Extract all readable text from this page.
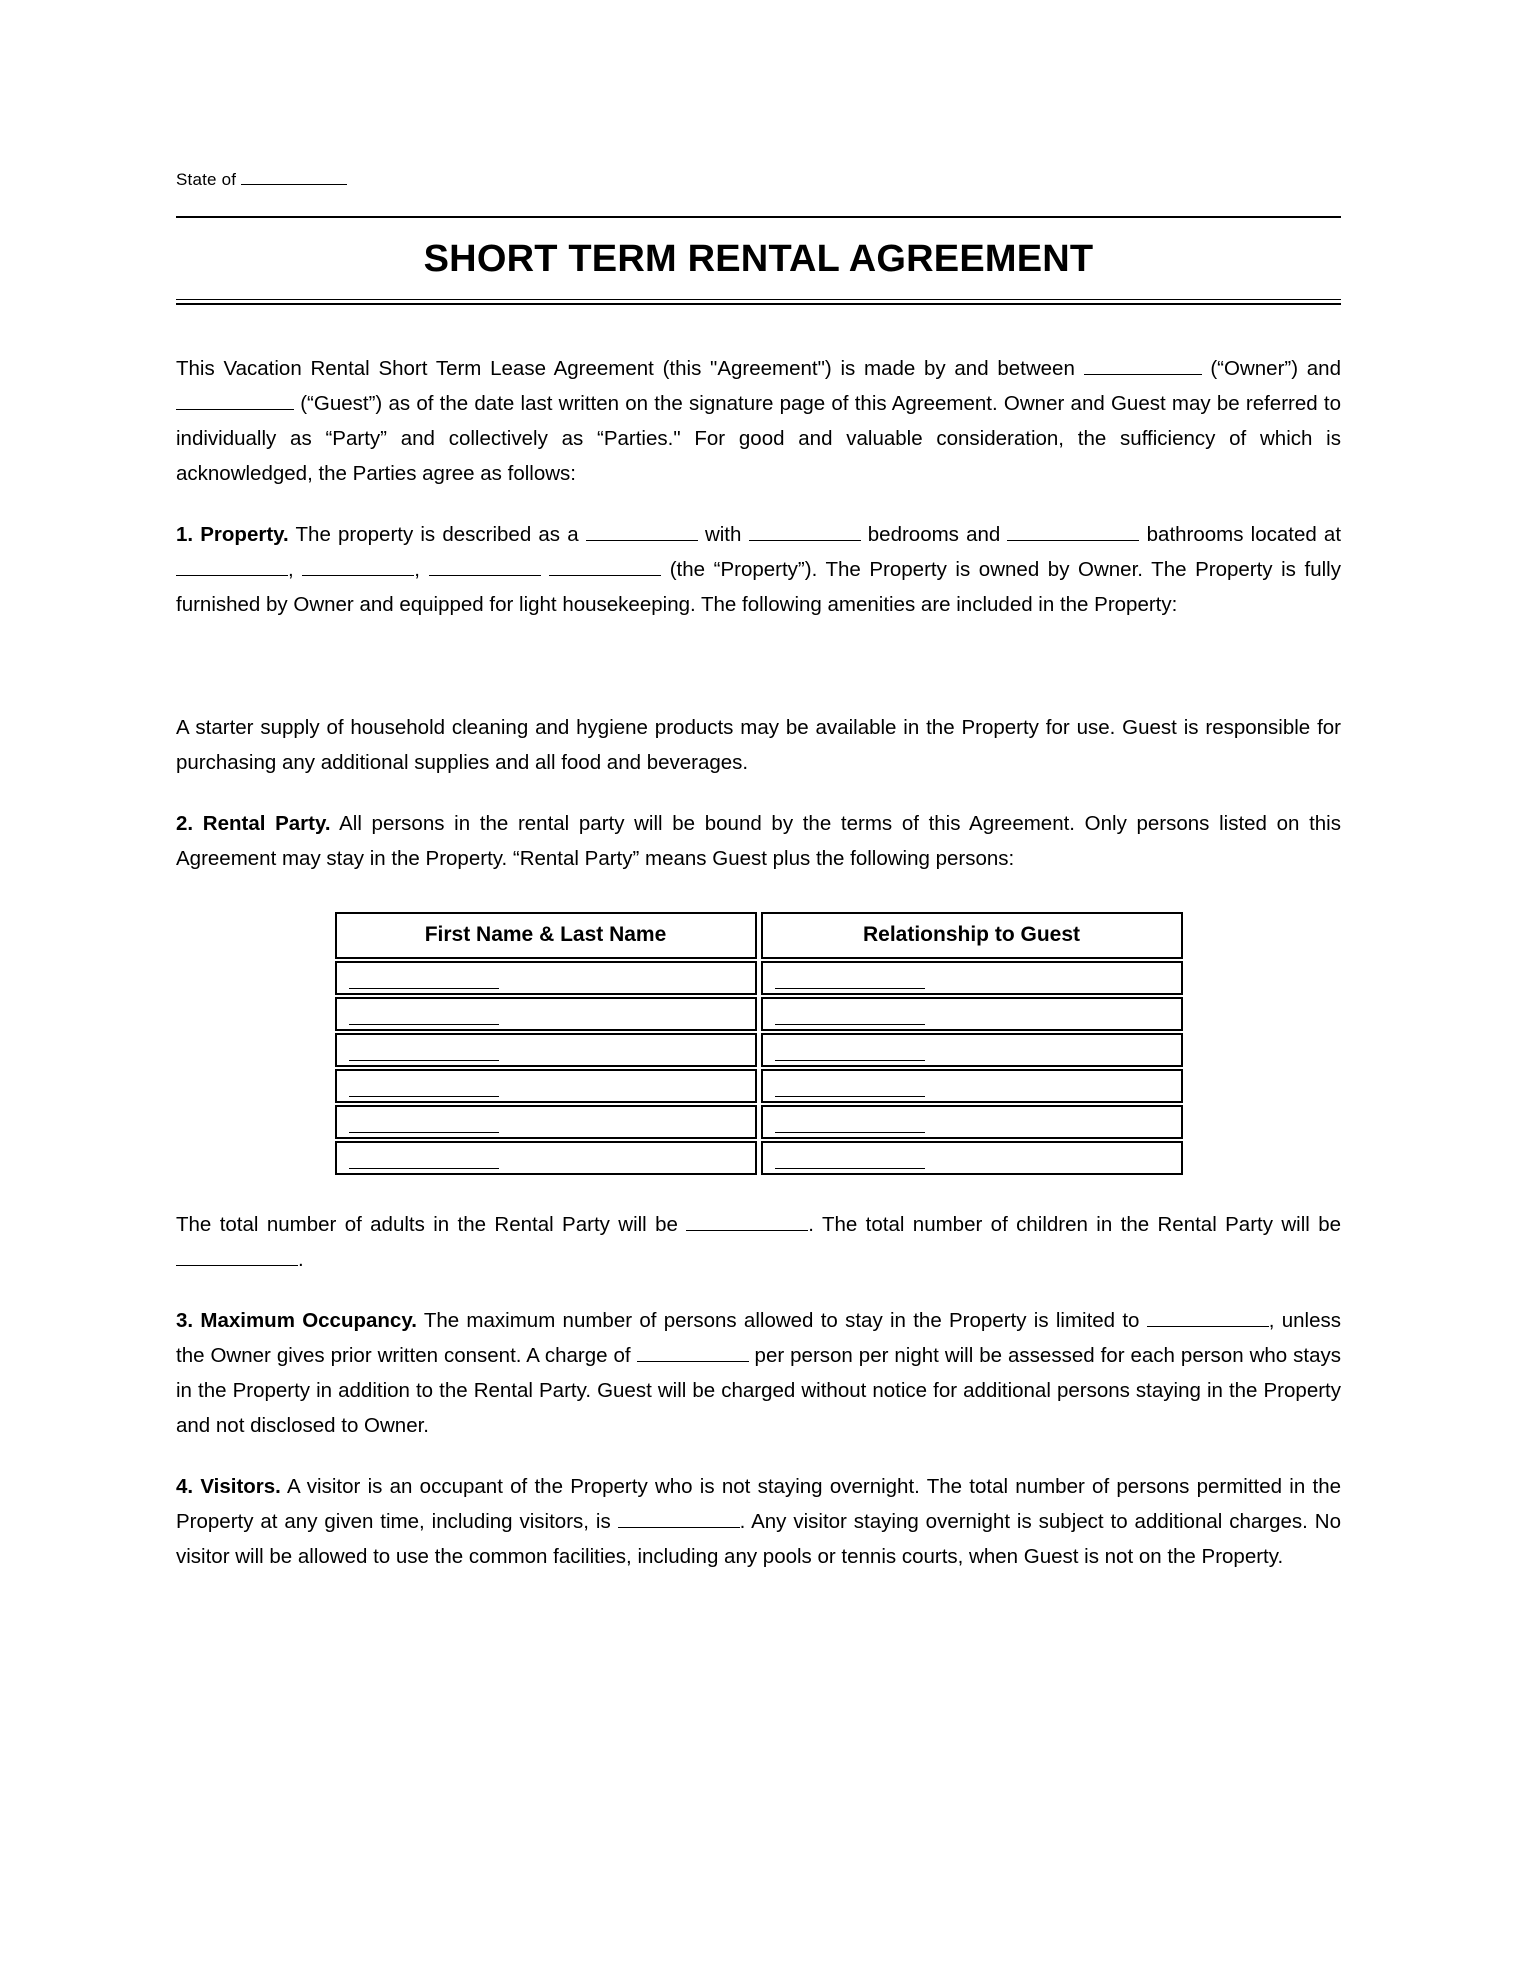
State of
SHORT TERM RENTAL AGREEMENT

This Vacation Rental Short Term Lease Agreement (this "Agreement") is made by and between	(“Owner”) and  (“Guest”) as of the date last written on the signature page of this Agreement. Owner and Guest may be referred to individually as “Party” and collectively as “Parties." For good and valuable consideration, the sufficiency of which is acknowledged, the Parties agree as follows:

1. Property. The property is described as a	with	bedrooms and	bathrooms located at ,	,	(the “Property”). The Property is owned by Owner. The Property is fully furnished by Owner and equipped for light housekeeping. The following amenities are included in the Property:

A starter supply of household cleaning and hygiene products may be available in the Property for use. Guest is responsible for purchasing any additional supplies and all food and beverages.

2. Rental Party. All persons in the rental party will be bound by the terms of this Agreement. Only persons listed on this Agreement may stay in the Property. “Rental Party” means Guest plus the following persons:

First Name & Last Name	Relationship to Guest

The total number of adults in the Rental Party will be	. The total number of children in the Rental Party will be .

3. Maximum Occupancy. The maximum number of persons allowed to stay in the Property is limited to	, unless the Owner gives prior written consent. A charge of	per person per night will be assessed for each person who stays in the Property in addition to the Rental Party. Guest will be charged without notice for additional persons staying in the Property and not disclosed to Owner.

4. Visitors. A visitor is an occupant of the Property who is not staying overnight. The total number of persons permitted in the Property at any given time, including visitors, is	. Any visitor staying overnight is subject to additional charges. No visitor will be allowed to use the common facilities, including any pools or tennis courts, when Guest is not on the Property.
